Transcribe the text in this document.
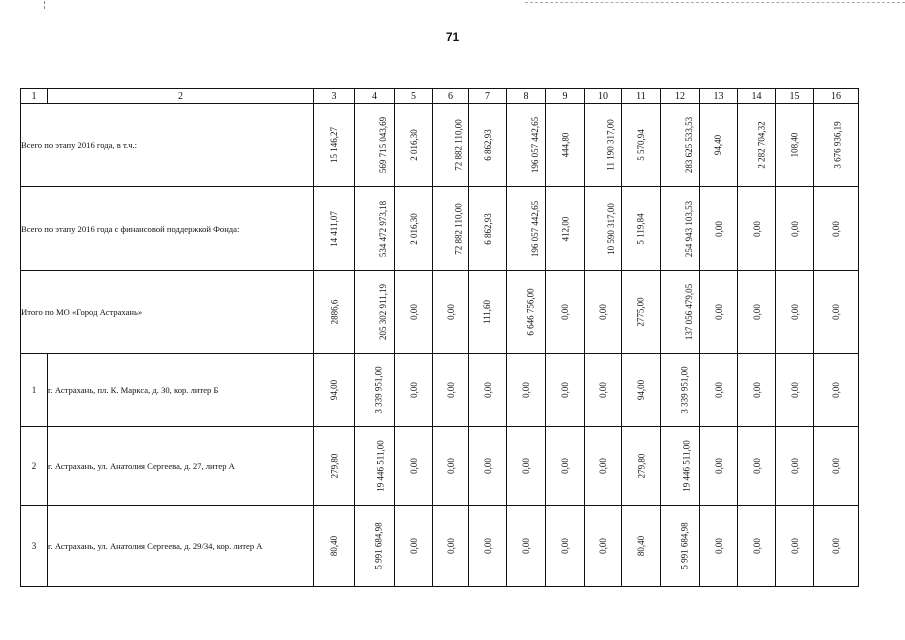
71
1	2	3	4	5	6	7	8	9	10	11	12	13	14	15	16
Всего по этапу 2016 года, в т.ч.:		15 146,27	569 715 043,69	2 016,30	72 882 110,00	6 862,93	196 057 442,65	444,80	11 190 317,00	5 570,94	283 625 533,53	94,40	2 282 704,32	108,40	3 676 936,19
Всего по этапу 2016 года с финансовой поддержкой Фонда:		14 411,07	534 472 973,18	2 016,30	72 882 110,00	6 862,93	196 057 442,65	412,00	10 590 317,00	5 119,84	254 943 103,53	0,00	0,00	0,00	0,00
Итого по МО «Город Астрахань»		2886,6	205 302 911,19	0,00	0,00	111,60	6 646 756,00	0,00	0,00	2775,00	137 056 479,05	0,00	0,00	0,00	0,00
1	г. Астрахань, пл. К. Маркса, д. 30, кор. литер Б	94,00	3 339 951,00	0,00	0,00	0,00	0,00	0,00	0,00	94,00	3 339 951,00	0,00	0,00	0,00	0,00
2	г. Астрахань, ул. Анатолия Сергеева, д. 27, литер А	279,80	19 446 511,00	0,00	0,00	0,00	0,00	0,00	0,00	279,80	19 446 511,00	0,00	0,00	0,00	0,00
3	г. Астрахань, ул. Анатолия Сергеева, д. 29/34, кор. литер А	80,40	5 991 684,98	0,00	0,00	0,00	0,00	0,00	0,00	80,40	5 991 684,98	0,00	0,00	0,00	0,00
